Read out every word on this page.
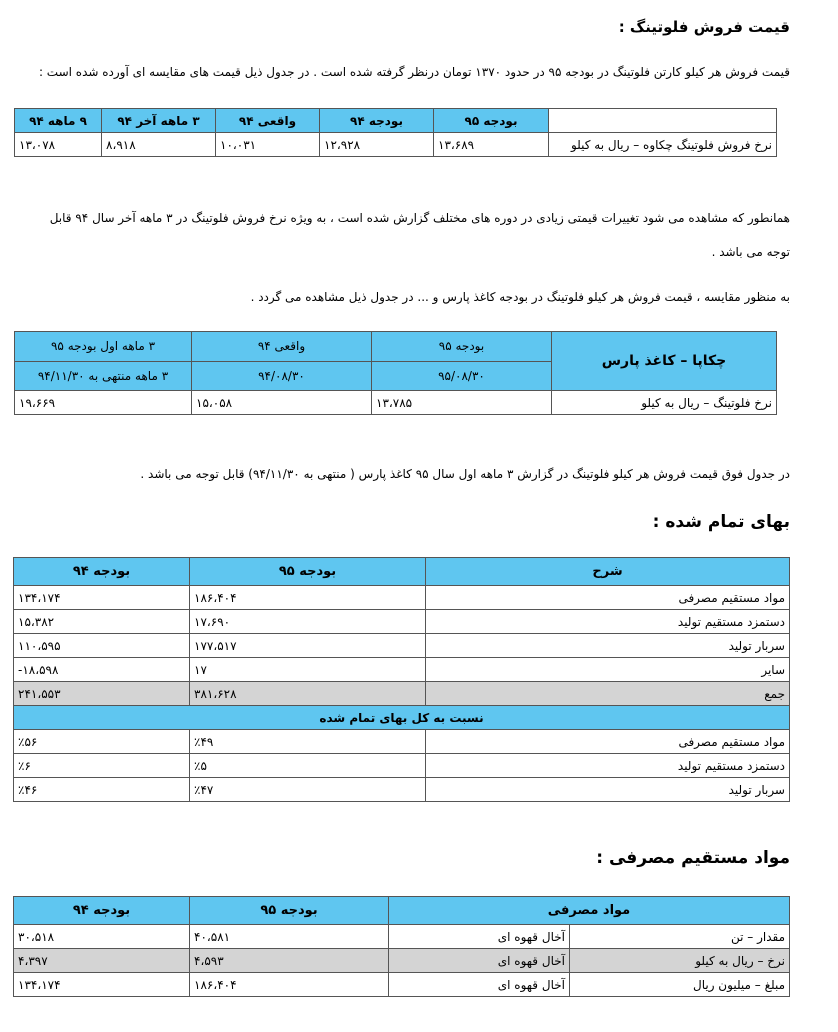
قیمت فروش فلوتینگ :
قیمت فروش هر کیلو کارتن فلوتینگ در بودجه ۹۵ در حدود ۱۳۷۰ تومان درنظر گرفته شده است . در جدول ذیل قیمت های مقایسه ای آورده شده است :
	بودجه ۹۵	بودجه ۹۴	واقعی ۹۴	۳ ماهه آخر ۹۴	۹ ماهه ۹۴
نرخ فروش فلوتینگ چکاوه – ریال به کیلو	۱۳،۶۸۹	۱۲،۹۲۸	۱۰،۰۳۱	۸،۹۱۸	۱۳،۰۷۸
همانطور که مشاهده می شود تغییرات قیمتی زیادی در دوره های مختلف گزارش شده است ، به ویژه نرخ فروش فلوتینگ در ۳ ماهه آخر سال ۹۴ قابل
توجه می باشد .
به منظور مقایسه ، قیمت فروش هر کیلو فلوتینگ در بودجه کاغذ پارس و ... در جدول ذیل مشاهده می گردد .
چکاپا – کاغذ پارس	بودجه ۹۵	واقعی ۹۴	۳ ماهه اول بودجه ۹۵
	۹۵/۰۸/۳۰	۹۴/۰۸/۳۰	۳ ماهه منتهی به ۹۴/۱۱/۳۰
نرخ فلوتینگ – ریال به کیلو	۱۳،۷۸۵	۱۵،۰۵۸	۱۹،۶۶۹
در جدول فوق قیمت فروش هر کیلو فلوتینگ در گزارش ۳ ماهه اول سال ۹۵ کاغذ پارس ( منتهی به ۹۴/۱۱/۳۰) قابل توجه می باشد .
بهای تمام شده :
شرح	بودجه ۹۵	بودجه ۹۴
مواد مستقیم مصرفی	۱۸۶،۴۰۴	۱۳۴،۱۷۴
دستمزد مستقیم تولید	۱۷،۶۹۰	۱۵،۳۸۲
سربار تولید	۱۷۷،۵۱۷	۱۱۰،۵۹۵
سایر	۱۷	-۱۸،۵۹۸
جمع	۳۸۱،۶۲۸	۲۴۱،۵۵۳
نسبت به کل بهای تمام شده		
مواد مستقیم مصرفی	٪۴۹	٪۵۶
دستمزد مستقیم تولید	٪۵	٪۶
سربار تولید	٪۴۷	٪۴۶
مواد مستقیم مصرفی :
مواد مصرفی		بودجه ۹۵	بودجه ۹۴
مقدار – تن	آخال قهوه ای	۴۰،۵۸۱	۳۰،۵۱۸
نرخ – ریال به کیلو	آخال قهوه ای	۴،۵۹۳	۴،۳۹۷
مبلغ – میلیون ریال	آخال قهوه ای	۱۸۶،۴۰۴	۱۳۴،۱۷۴
